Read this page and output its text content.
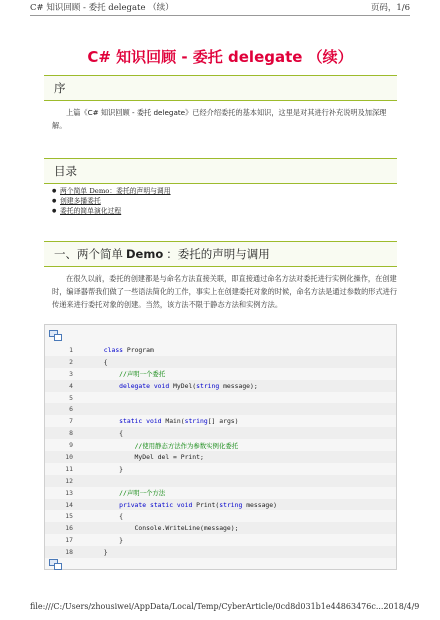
C# 知识回顾 - 委托 delegate （续）	页码，1/6
C# 知识回顾 - 委托 delegate （续）
序
上篇《C# 知识回顾 - 委托 delegate》已经介绍委托的基本知识，这里是对其进行补充说明及加深理解。
目录
● 两个简单 Demo：委托的声明与调用
● 创建多播委托
● 委托的简单演化过程
一、两个简单 Demo ：委托的声明与调用
在很久以前，委托的创建都是与命名方法直接关联，即直接通过命名方法对委托进行实例化操作，在创建时，编译器帮我们做了一些语法简化的工作，事实上在创建委托对象的时候，命名方法是通过参数的形式进行传递来进行委托对象的创建。当然，该方法不限于静态方法和实例方法。
1	class Program
2 {
3	//声明一个委托
4	delegate void MyDel(string message);
5

6

7	static void Main(string[] args)
8 {
9	//使用静态方法作为参数实例化委托
10 MyDel del = Print;
11 }
12

13	//声明一个方法
14	private static void Print(string message)
15 {
16 Console.WriteLine(message);
17 }
18 }
file:///C:/Users/zhousiwei/AppData/Local/Temp/CyberArticle/0cd8d031b1e44863476c... 2018/4/9
